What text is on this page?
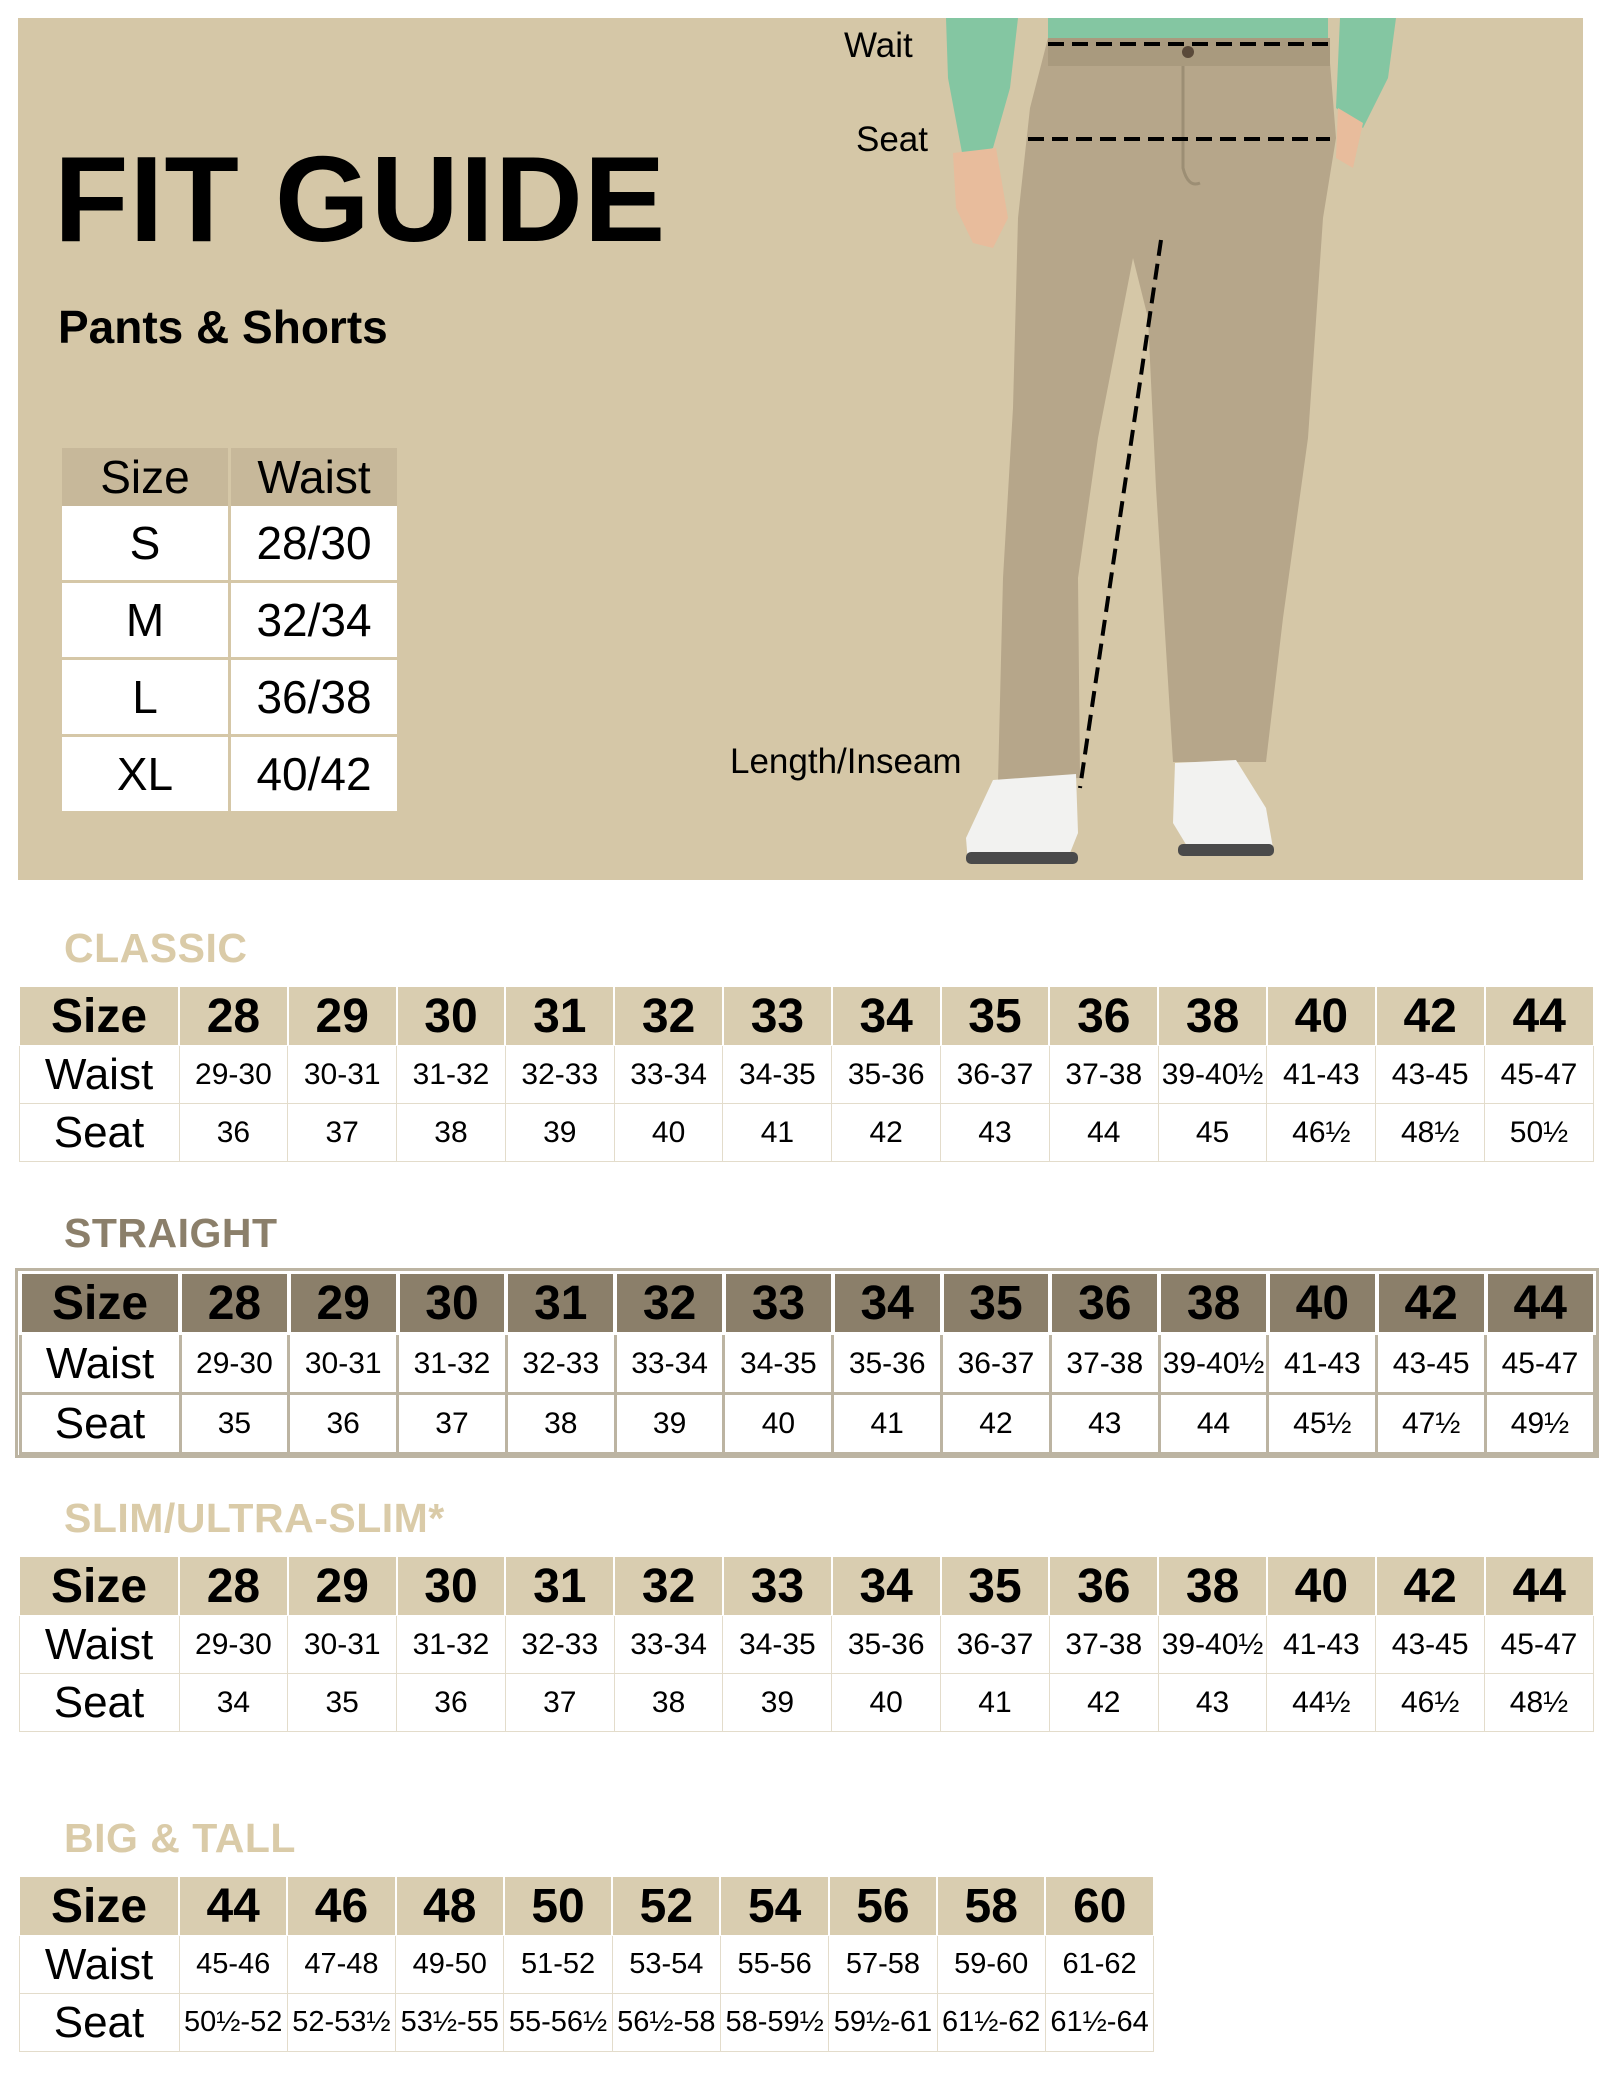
FIT GUIDE
Pants & Shorts
Size	Waist
S	28/30
M	32/34
L	36/38
XL	40/42
Wait
Seat
Length/Inseam
CLASSIC
Size	28	29	30	31	32	33	34	35	36	38	40	42	44
Waist	29-30	30-31	31-32	32-33	33-34	34-35	35-36	36-37	37-38	39-40½	41-43	43-45	45-47
Seat	36	37	38	39	40	41	42	43	44	45	46½	48½	50½
STRAIGHT
Size	28	29	30	31	32	33	34	35	36	38	40	42	44
Waist	29-30	30-31	31-32	32-33	33-34	34-35	35-36	36-37	37-38	39-40½	41-43	43-45	45-47
Seat	35	36	37	38	39	40	41	42	43	44	45½	47½	49½
SLIM/ULTRA-SLIM*
Size	28	29	30	31	32	33	34	35	36	38	40	42	44
Waist	29-30	30-31	31-32	32-33	33-34	34-35	35-36	36-37	37-38	39-40½	41-43	43-45	45-47
Seat	34	35	36	37	38	39	40	41	42	43	44½	46½	48½
BIG & TALL
Size	44	46	48	50	52	54	56	58	60
Waist	45-46	47-48	49-50	51-52	53-54	55-56	57-58	59-60	61-62
Seat	50½-52	52-53½	53½-55	55-56½	56½-58	58-59½	59½-61	61½-62	61½-64
